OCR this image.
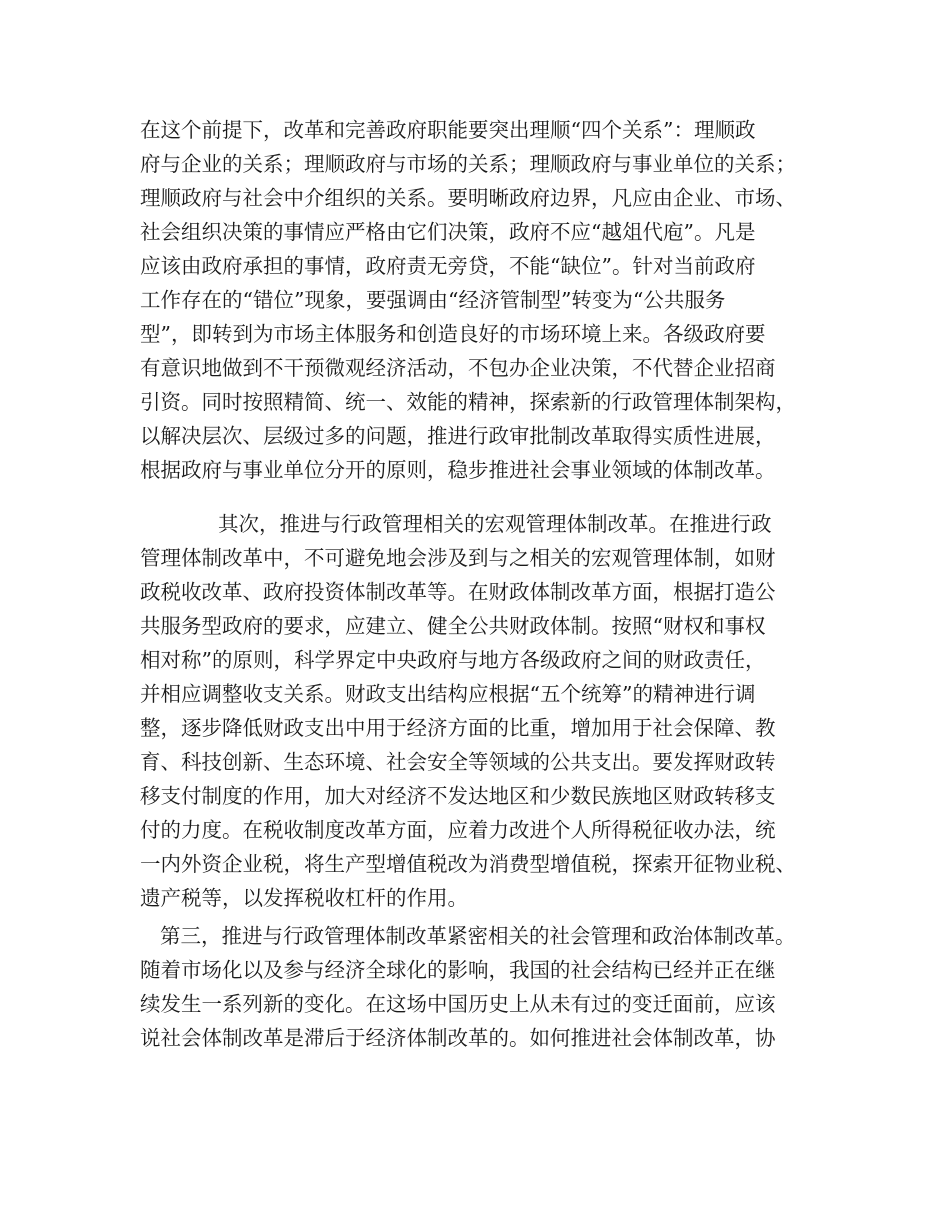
在这个前提下，改革和完善政府职能要突出理顺“四个关系”：理顺政
府与企业的关系；理顺政府与市场的关系；理顺政府与事业单位的关系；
理顺政府与社会中介组织的关系。要明晰政府边界，凡应由企业、市场、
社会组织决策的事情应严格由它们决策，政府不应“越俎代庖”。凡是
应该由政府承担的事情，政府责无旁贷，不能“缺位”。针对当前政府
工作存在的“错位”现象，要强调由“经济管制型”转变为“公共服务
型”，即转到为市场主体服务和创造良好的市场环境上来。各级政府要
有意识地做到不干预微观经济活动，不包办企业决策，不代替企业招商
引资。同时按照精简、统一、效能的精神，探索新的行政管理体制架构，
以解决层次、层级过多的问题，推进行政审批制改革取得实质性进展，
根据政府与事业单位分开的原则，稳步推进社会事业领域的体制改革。
其次，推进与行政管理相关的宏观管理体制改革。在推进行政
管理体制改革中，不可避免地会涉及到与之相关的宏观管理体制，如财
政税收改革、政府投资体制改革等。在财政体制改革方面，根据打造公
共服务型政府的要求，应建立、健全公共财政体制。按照“财权和事权
相对称”的原则，科学界定中央政府与地方各级政府之间的财政责任，
并相应调整收支关系。财政支出结构应根据“五个统筹”的精神进行调
整，逐步降低财政支出中用于经济方面的比重，增加用于社会保障、教
育、科技创新、生态环境、社会安全等领域的公共支出。要发挥财政转
移支付制度的作用，加大对经济不发达地区和少数民族地区财政转移支
付的力度。在税收制度改革方面，应着力改进个人所得税征收办法，统
一内外资企业税，将生产型增值税改为消费型增值税，探索开征物业税、
遗产税等，以发挥税收杠杆的作用。
第三，推进与行政管理体制改革紧密相关的社会管理和政治体制改革。
随着市场化以及参与经济全球化的影响，我国的社会结构已经并正在继
续发生一系列新的变化。在这场中国历史上从未有过的变迁面前，应该
说社会体制改革是滞后于经济体制改革的。如何推进社会体制改革，协
